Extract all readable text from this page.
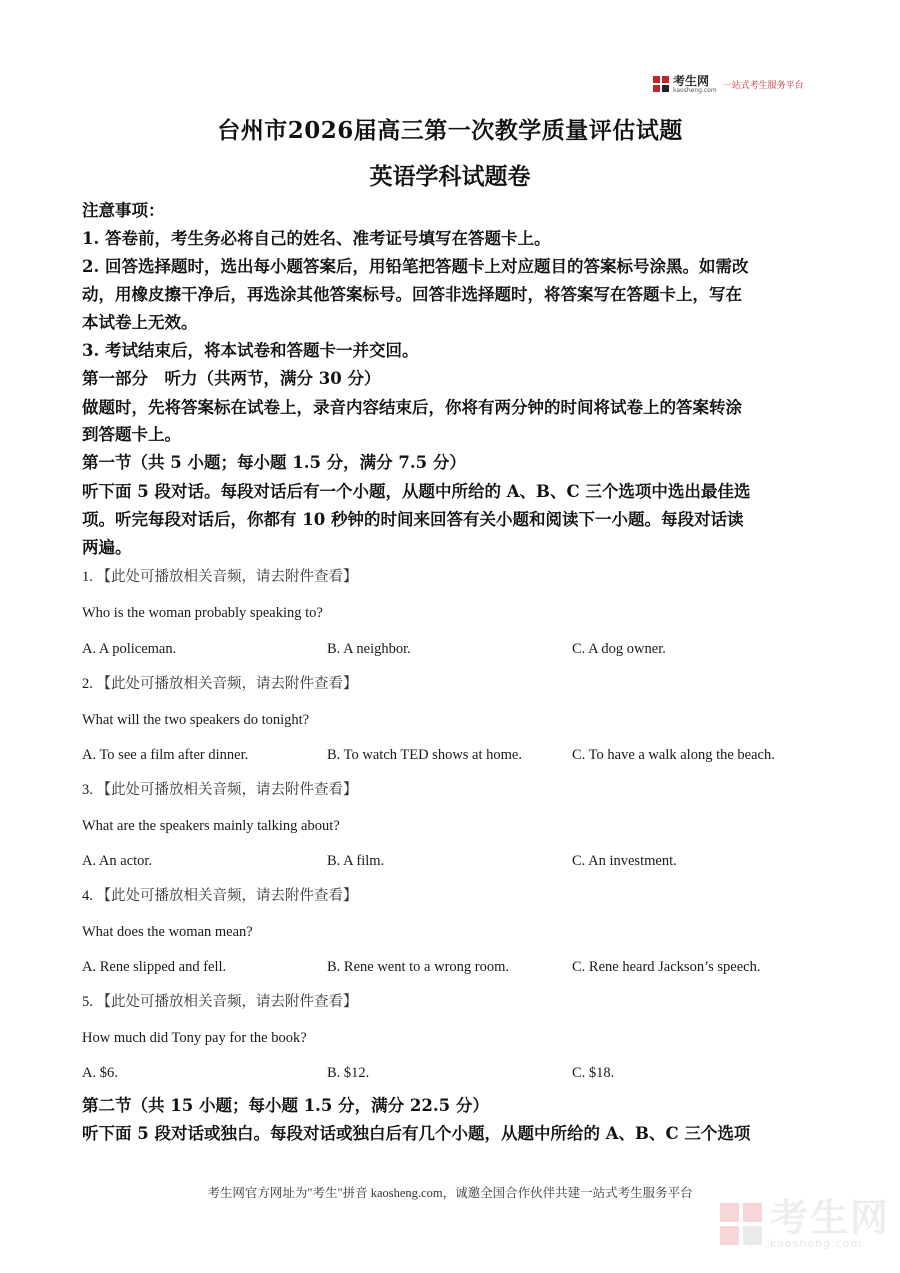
考生网
kaosheng.com 一站式考生服务平台
台州市2026届高三第一次教学质量评估试题
英语学科试题卷
注意事项：
1. 答卷前，考生务必将自己的姓名、准考证号填写在答题卡上。
2. 回答选择题时，选出每小题答案后，用铅笔把答题卡上对应题目的答案标号涂黑。如需改
动，用橡皮擦干净后，再选涂其他答案标号。回答非选择题时，将答案写在答题卡上，写在
本试卷上无效。
3. 考试结束后，将本试卷和答题卡一并交回。
第一部分　听力（共两节，满分 30 分）
做题时，先将答案标在试卷上，录音内容结束后，你将有两分钟的时间将试卷上的答案转涂
到答题卡上。
第一节（共 5 小题；每小题 1.5 分，满分 7.5 分）
听下面 5 段对话。每段对话后有一个小题，从题中所给的 A、B、C 三个选项中选出最佳选
项。听完每段对话后，你都有 10 秒钟的时间来回答有关小题和阅读下一小题。每段对话读
两遍。
1. 【此处可播放相关音频，请去附件查看】
Who is the woman probably speaking to?
A. A policeman.	B. A neighbor.	C. A dog owner.
2. 【此处可播放相关音频，请去附件查看】
What will the two speakers do tonight?
A. To see a film after dinner.	B. To watch TED shows at home.	C. To have a walk along the beach.
3. 【此处可播放相关音频，请去附件查看】
What are the speakers mainly talking about?
A. An actor.	B. A film.	C. An investment.
4. 【此处可播放相关音频，请去附件查看】
What does the woman mean?
A. Rene slipped and fell.	B. Rene went to a wrong room.	C. Rene heard Jackson’s speech.
5. 【此处可播放相关音频，请去附件查看】
How much did Tony pay for the book?
A. $6.	B. $12.	C. $18.
第二节（共 15 小题；每小题 1.5 分，满分 22.5 分）
听下面 5 段对话或独白。每段对话或独白后有几个小题，从题中所给的 A、B、C 三个选项
考生网官方网址为"考生"拼音 kaosheng.com，诚邀全国合作伙伴共建一站式考生服务平台
考生网
kaosheng.com
